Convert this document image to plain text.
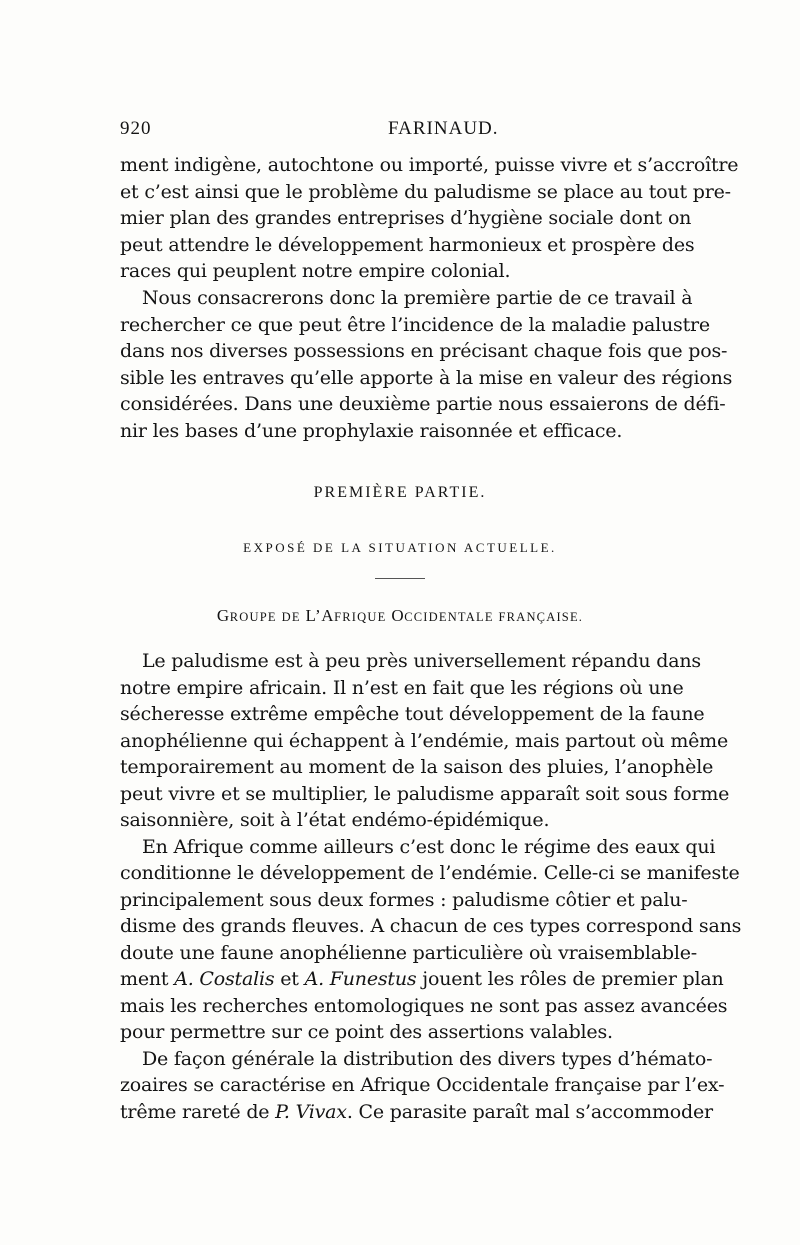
920	FARINAUD.
ment indigène, autochtone ou importé, puisse vivre et s’accroître
et c’est ainsi que le problème du paludisme se place au tout pre-
mier plan des grandes entreprises d’hygiène sociale dont on
peut attendre le développement harmonieux et prospère des
races qui peuplent notre empire colonial.
Nous consacrerons donc la première partie de ce travail à
rechercher ce que peut être l’incidence de la maladie palustre
dans nos diverses possessions en précisant chaque fois que pos-
sible les entraves qu’elle apporte à la mise en valeur des régions
considérées. Dans une deuxième partie nous essaierons de défi-
nir les bases d’une prophylaxie raisonnée et efficace.
PREMIÈRE PARTIE.
EXPOSÉ DE LA SITUATION ACTUELLE.
GROUPE DE L’AFRIQUE OCCIDENTALE FRANÇAISE.
Le paludisme est à peu près universellement répandu dans
notre empire africain. Il n’est en fait que les régions où une
sécheresse extrême empêche tout développement de la faune
anophélienne qui échappent à l’endémie, mais partout où même
temporairement au moment de la saison des pluies, l’anophèle
peut vivre et se multiplier, le paludisme apparaît soit sous forme
saisonnière, soit à l’état endémo-épidémique.
En Afrique comme ailleurs c’est donc le régime des eaux qui
conditionne le développement de l’endémie. Celle-ci se manifeste
principalement sous deux formes : paludisme côtier et palu-
disme des grands fleuves. A chacun de ces types correspond sans
doute une faune anophélienne particulière où vraisemblable-
ment A. Costalis et A. Funestus jouent les rôles de premier plan
mais les recherches entomologiques ne sont pas assez avancées
pour permettre sur ce point des assertions valables.
De façon générale la distribution des divers types d’hémato-
zoaires se caractérise en Afrique Occidentale française par l’ex-
trême rareté de P. Vivax. Ce parasite paraît mal s’accommoder
